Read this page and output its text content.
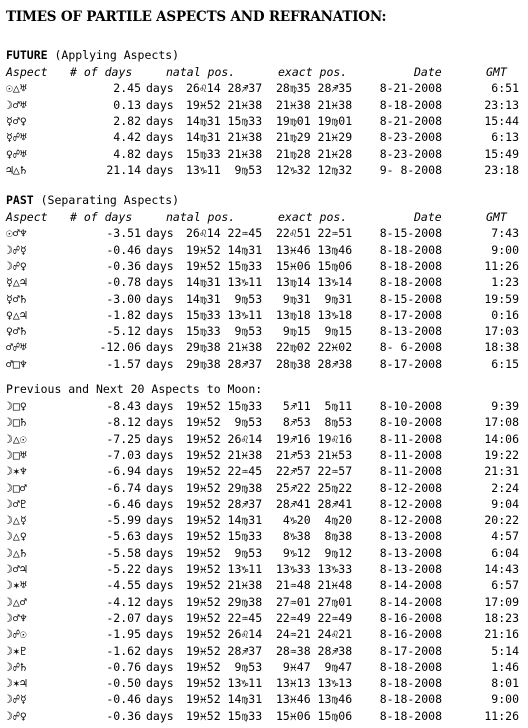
TIMES OF PARTILE ASPECTS AND REFRANATION:
FUTURE (Applying Aspects)
Aspect # of days	natal pos.	exact pos.	Date	GMT
☉△♅	2.45 days 26♌14 28♐37 28♍35 28♐35 8-21-2008	6:51
☽♂♅	0.13 days 19♓52 21♓38 21♓38 21♓38 8-18-2008	23:13
☿♂♀	2.82 days 14♍31 15♍33 19♍01 19♍01 8-21-2008	15:44
☿☍♅	4.42 days 14♍31 21♓38 21♍29 21♓29 8-23-2008	6:13
♀☍♅	4.82 days 15♍33 21♓38 21♍28 21♓28 8-23-2008	15:49
♃△♄	21.14 days 13♑11  9♍53 12♑32 12♍32 9- 8-2008	23:18
PAST (Separating Aspects)
Aspect # of days	natal pos.	exact pos.	Date	GMT
☉♂♆	-3.51 days 26♌14 22♒45 22♌51 22♒51 8-15-2008	7:43
☽☍☿	-0.46 days 19♓52 14♍31 13♓46 13♍46 8-18-2008	9:00
☽☍♀	-0.36 days 19♓52 15♍33 15♓06 15♍06 8-18-2008	11:26
☿△♃	-0.78 days 14♍31 13♑11 13♍14 13♑14 8-18-2008	1:23
☿♂♄	-3.00 days 14♍31  9♍53 9♍31  9♍31 8-15-2008	19:59
♀△♃	-1.82 days 15♍33 13♑11 13♍18 13♑18 8-17-2008	0:16
♀♂♄	-5.12 days 15♍33  9♍53 9♍15  9♍15 8-13-2008	17:03
♂☍♅	-12.06 days 29♍38 21♓38 22♍02 22♓02 8- 6-2008	18:38
♂□♆	-1.57 days 29♍38 28♐37 28♍38 28♐38 8-17-2008	6:15
Previous and Next 20 Aspects to Moon:
☽□♀	-8.43 days 19♓52 15♍33 5♐11  5♍11 8-10-2008	9:39
☽□♄	-8.12 days 19♓52  9♍53 8♐53  8♍53 8-10-2008	17:08
☽△☉	-7.25 days 19♓52 26♌14 19♐16 19♌16 8-11-2008	14:06
☽□♅	-7.03 days 19♓52 21♓38 21♐53 21♓53 8-11-2008	19:22
☽✶♆	-6.94 days 19♓52 22♒45 22♐57 22♒57 8-11-2008	21:31
☽□♂	-6.74 days 19♓52 29♍38 25♐22 25♍22 8-12-2008	2:24
☽♂♇	-6.46 days 19♓52 28♐37 28♐41 28♐41 8-12-2008	9:04
☽△☿	-5.99 days 19♓52 14♍31 4♑20  4♍20 8-12-2008	20:22
☽△♀	-5.63 days 19♓52 15♍33 8♑38  8♍38 8-13-2008	4:57
☽△♄	-5.58 days 19♓52  9♍53 9♑12  9♍12 8-13-2008	6:04
☽♂♃	-5.22 days 19♓52 13♑11 13♑33 13♑33 8-13-2008	14:43
☽✶♅	-4.55 days 19♓52 21♓38 21♒48 21♓48 8-14-2008	6:57
☽△♂	-4.12 days 19♓52 29♍38 27♒01 27♍01 8-14-2008	17:09
☽♂♆	-2.07 days 19♓52 22♒45 22♒49 22♒49 8-16-2008	18:23
☽☍☉	-1.95 days 19♓52 26♌14 24♒21 24♌21 8-16-2008	21:16
☽✶♇	-1.62 days 19♓52 28♐37 28♒38 28♐38 8-17-2008	5:14
☽☍♄	-0.76 days 19♓52  9♍53 9♓47  9♍47 8-18-2008	1:46
☽✶♃	-0.50 days 19♓52 13♑11 13♓13 13♑13 8-18-2008	8:01
☽☍☿	-0.46 days 19♓52 14♍31 13♓46 13♍46 8-18-2008	9:00
☽☍♀	-0.36 days 19♓52 15♍33 15♓06 15♍06 8-18-2008	11:26
